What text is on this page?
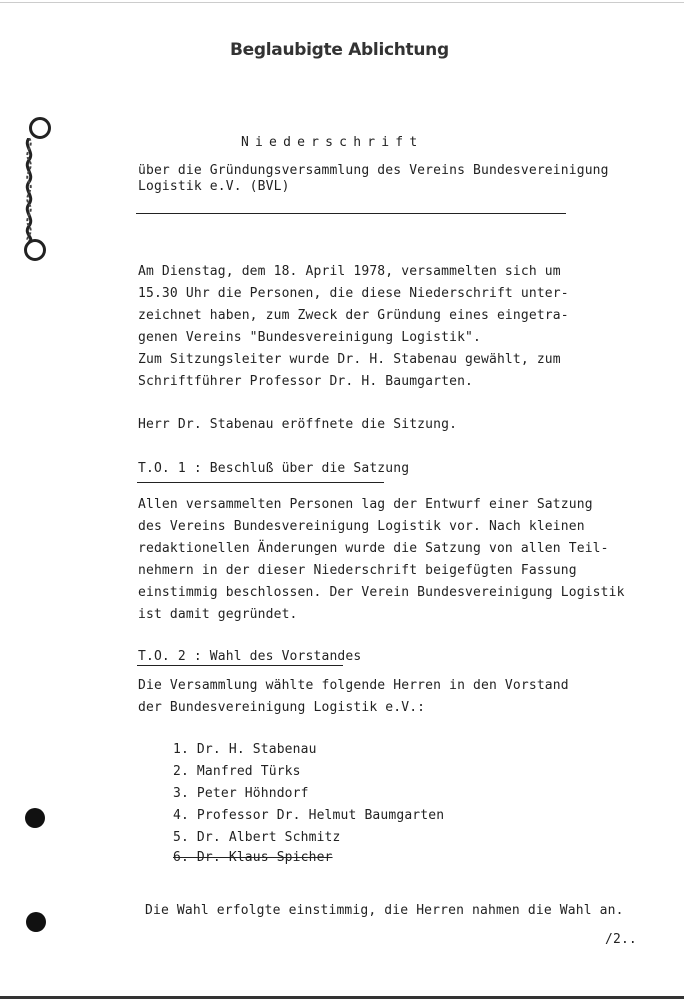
Beglaubigte Ablichtung
Niederschrift
über die Gründungsversammlung des Vereins Bundesvereinigung
Logistik e.V. (BVL)
Am Dienstag, dem 18. April 1978, versammelten sich um
15.30 Uhr die Personen, die diese Niederschrift unter-
zeichnet haben, zum Zweck der Gründung eines eingetra-
genen Vereins "Bundesvereinigung Logistik".
Zum Sitzungsleiter wurde Dr. H. Stabenau gewählt, zum
Schriftführer Professor Dr. H. Baumgarten.
Herr Dr. Stabenau eröffnete die Sitzung.
T.O. 1 : Beschluß über die Satzung
Allen versammelten Personen lag der Entwurf einer Satzung
des Vereins Bundesvereinigung Logistik vor. Nach kleinen
redaktionellen Änderungen wurde die Satzung von allen Teil-
nehmern in der dieser Niederschrift beigefügten Fassung
einstimmig beschlossen. Der Verein Bundesvereinigung Logistik
ist damit gegründet.
T.O. 2 : Wahl des Vorstandes
Die Versammlung wählte folgende Herren in den Vorstand
der Bundesvereinigung Logistik e.V.:
1. Dr. H. Stabenau
2. Manfred Türks
3. Peter Höhndorf
4. Professor Dr. Helmut Baumgarten
5. Dr. Albert Schmitz
6. Dr. Klaus Spicher
Die Wahl erfolgte einstimmig, die Herren nahmen die Wahl an.
/2..
